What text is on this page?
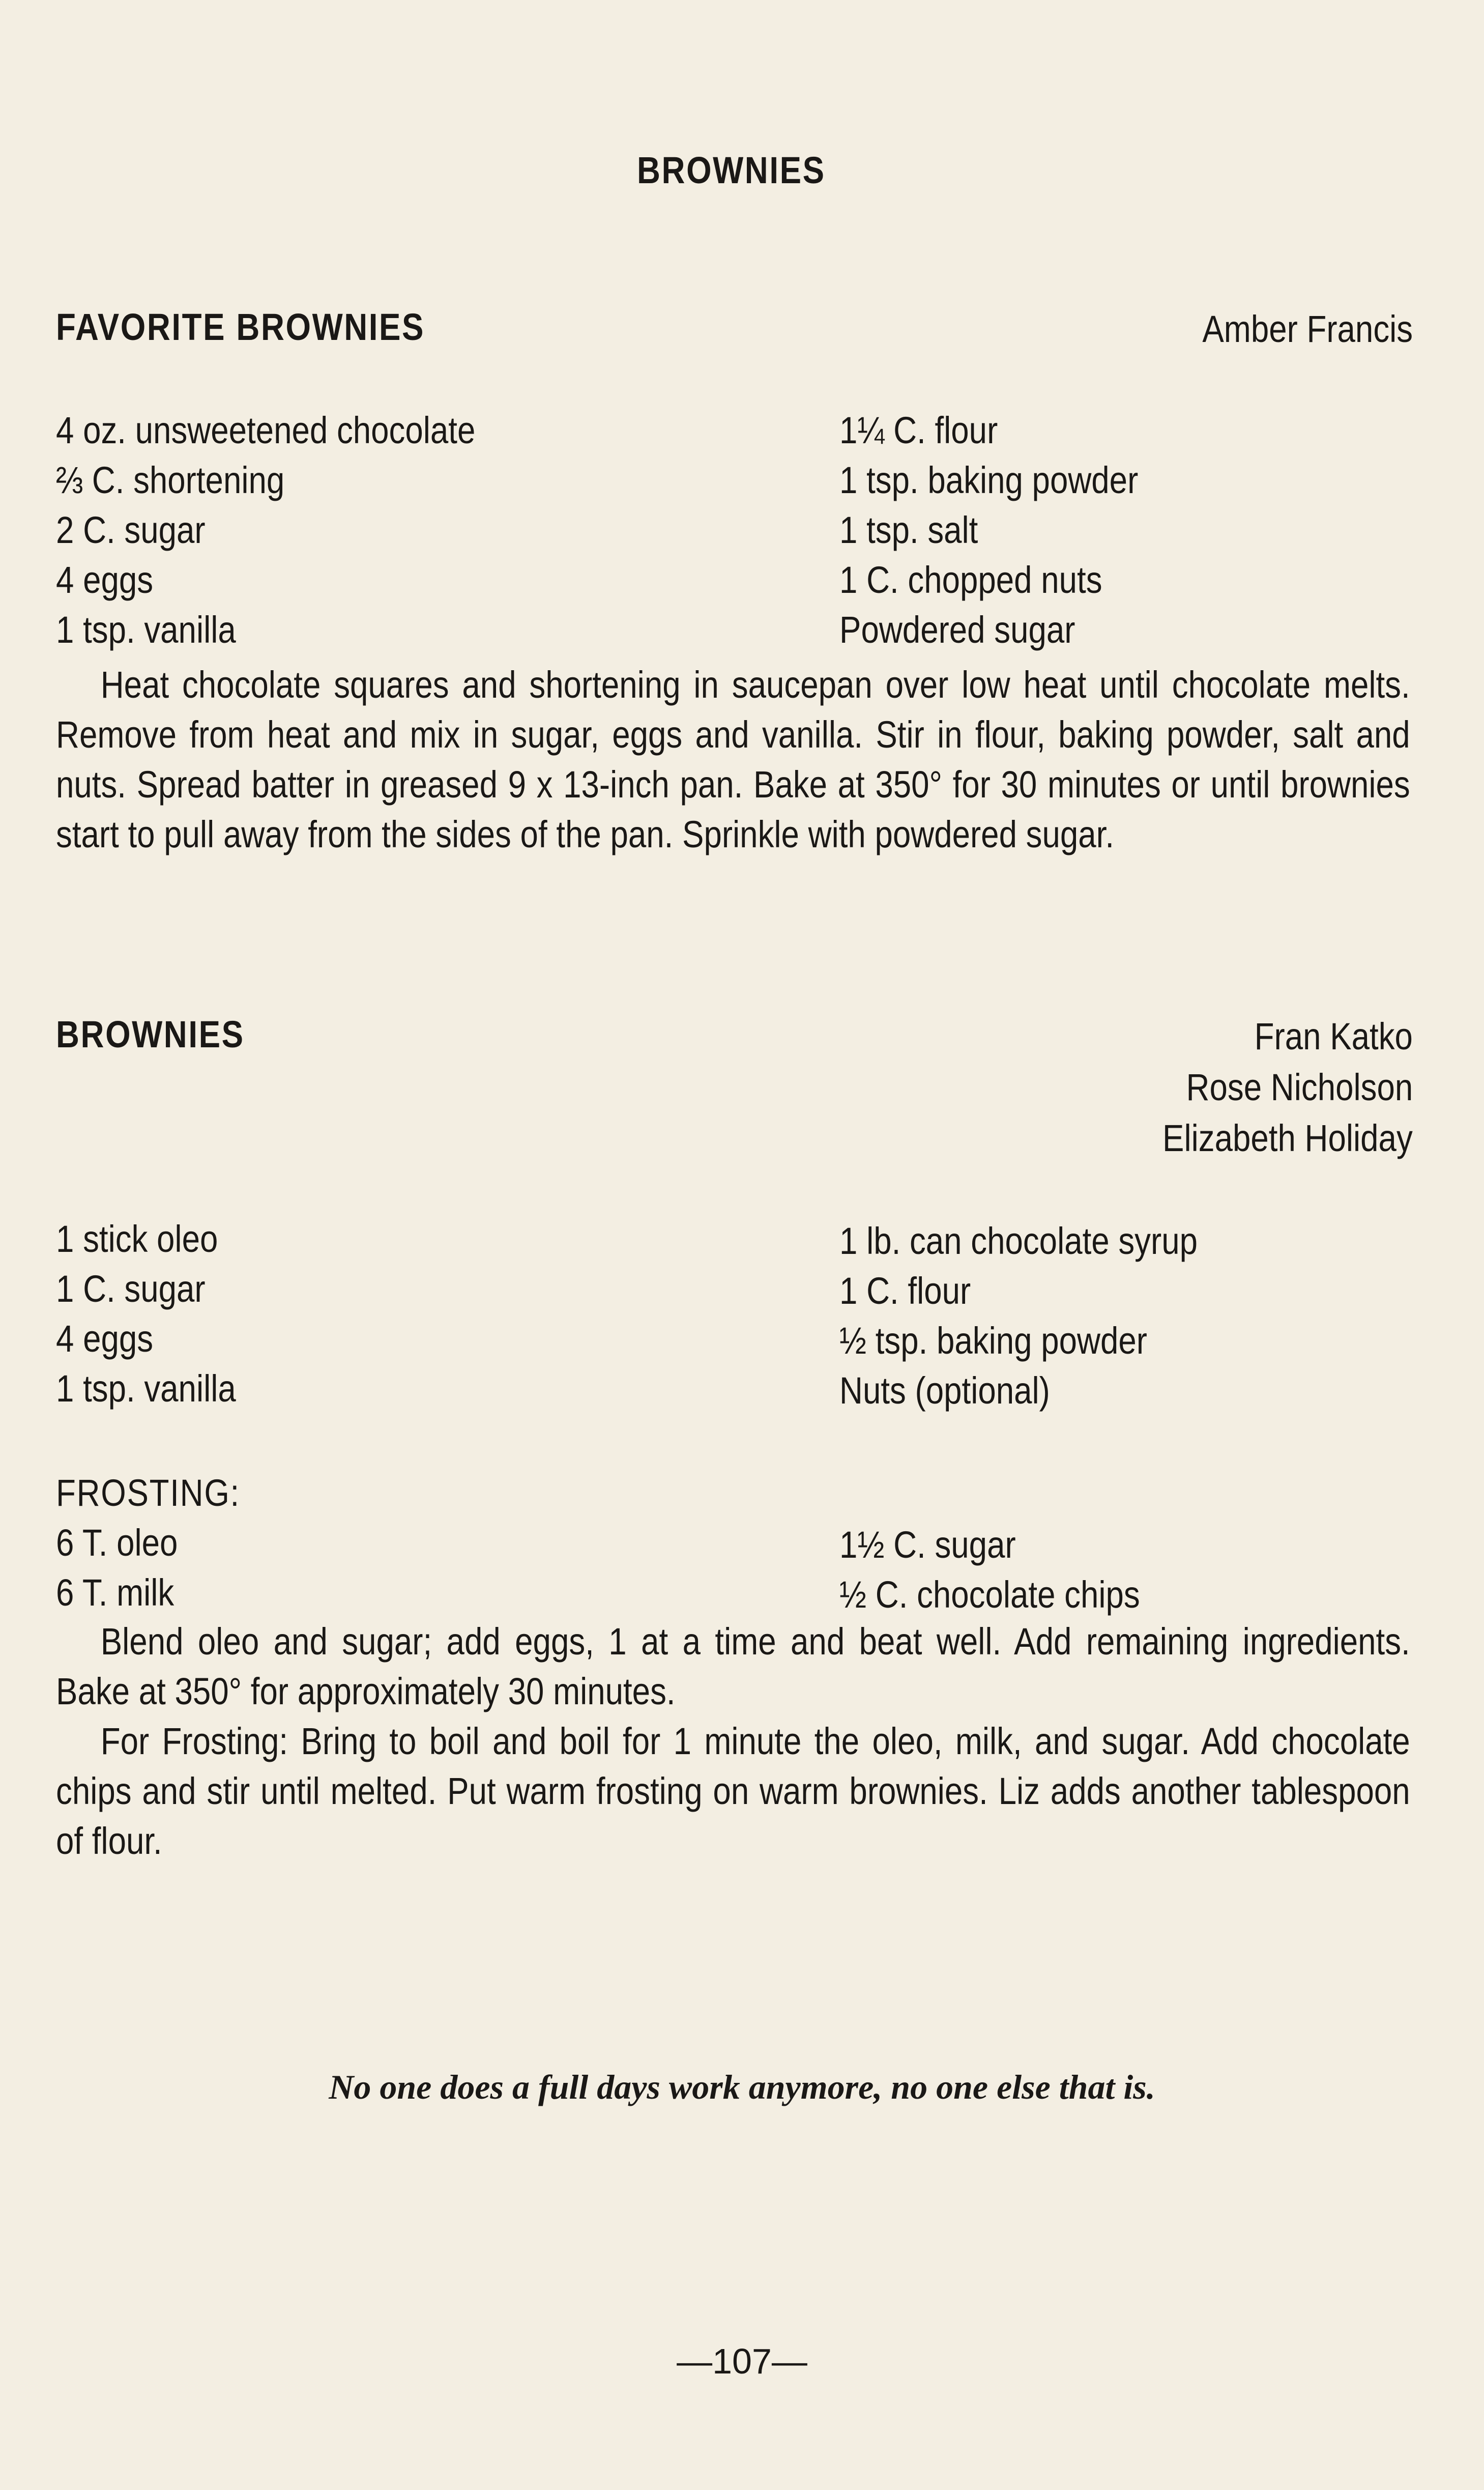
BROWNIES
FAVORITE BROWNIES	Amber Francis
4 oz. unsweetened chocolate
⅔ C. shortening
2 C. sugar
4 eggs
1 tsp. vanilla
1¼ C. flour
1 tsp. baking powder
1 tsp. salt
1 C. chopped nuts
Powdered sugar

Heat chocolate squares and shortening in saucepan over low heat until chocolate melts. Remove from heat and mix in sugar, eggs and vanilla. Stir in flour, baking powder, salt and nuts. Spread batter in greased 9 x 13-inch pan. Bake at 350° for 30 minutes or until brownies start to pull away from the sides of the pan. Sprinkle with powdered sugar.

BROWNIES	Fran Katko
Rose Nicholson
Elizabeth Holiday
1 stick oleo
1 C. sugar
4 eggs
1 tsp. vanilla
1 lb. can chocolate syrup
1 C. flour
½ tsp. baking powder
Nuts (optional)
FROSTING:
6 T. oleo
6 T. milk
1½ C. sugar
½ C. chocolate chips

Blend oleo and sugar; add eggs, 1 at a time and beat well. Add remaining ingredients. Bake at 350° for approximately 30 minutes.

For Frosting: Bring to boil and boil for 1 minute the oleo, milk, and sugar. Add chocolate chips and stir until melted. Put warm frosting on warm brownies. Liz adds another tablespoon of flour.

No one does a full days work anymore, no one else that is.
—107—
